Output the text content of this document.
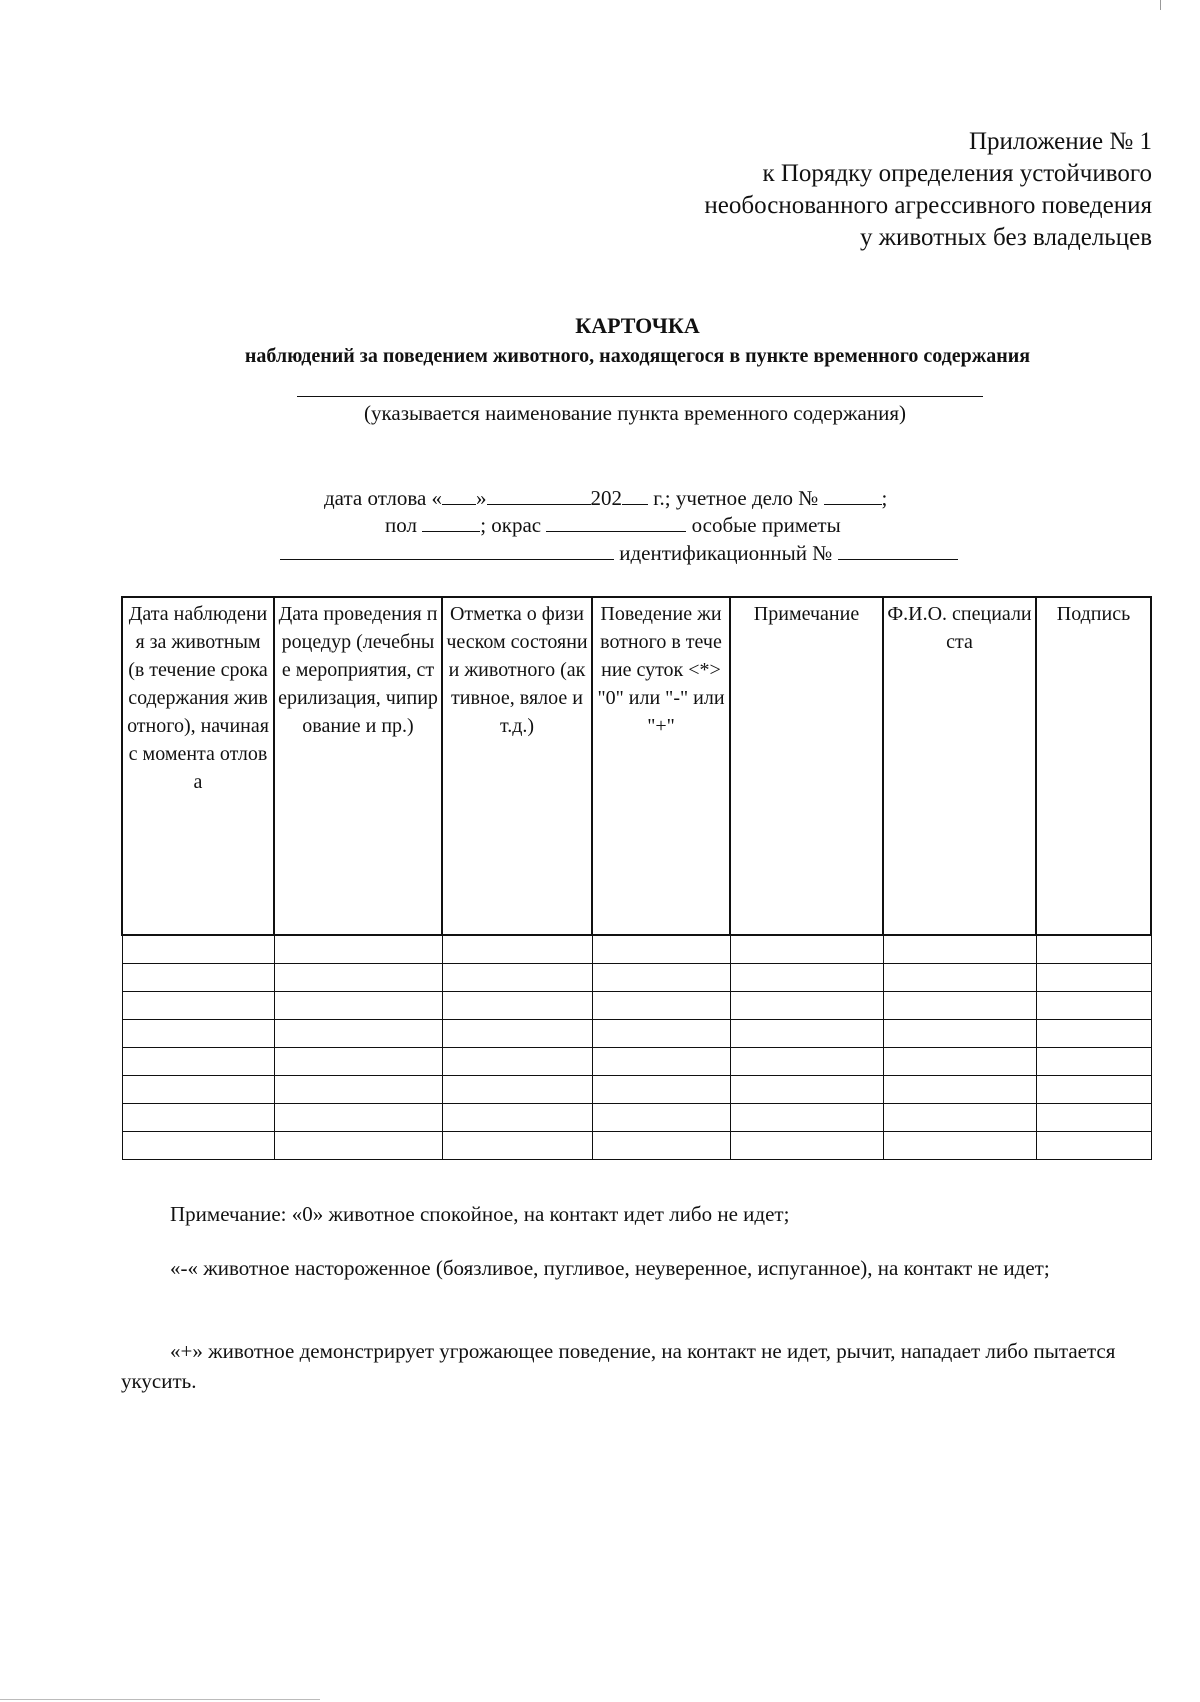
Приложение № 1
к Порядку определения устойчивого
необоснованного агрессивного поведения
у животных без владельцев
КАРТОЧКА
наблюдений за поведением животного, находящегося в пункте временного содержания
(указывается наименование пункта временного содержания)
дата отлова « »	202 г.; учетное дело №	;
пол	; окрас	особые приметы
идентификационный №
Дата наблюдения за животным (в течение срока содержания животного), начиная с момента отлова	Дата проведения процедур (лечебные мероприятия, стерилизация, чипирование и пр.)	Отметка о физическом состоянии животного (активное, вялое и т.д.)	Поведение животного в течение суток <*> "0" или "-" или "+"	Примечание	Ф.И.О. специалиста	Подпись

Примечание: «0» животное спокойное, на контакт идет либо не идет;
«-« животное настороженное (боязливое, пугливое, неуверенное, испуганное), на контакт не идет;
«+» животное демонстрирует угрожающее поведение, на контакт не идет, рычит, нападает либо пытается укусить.
